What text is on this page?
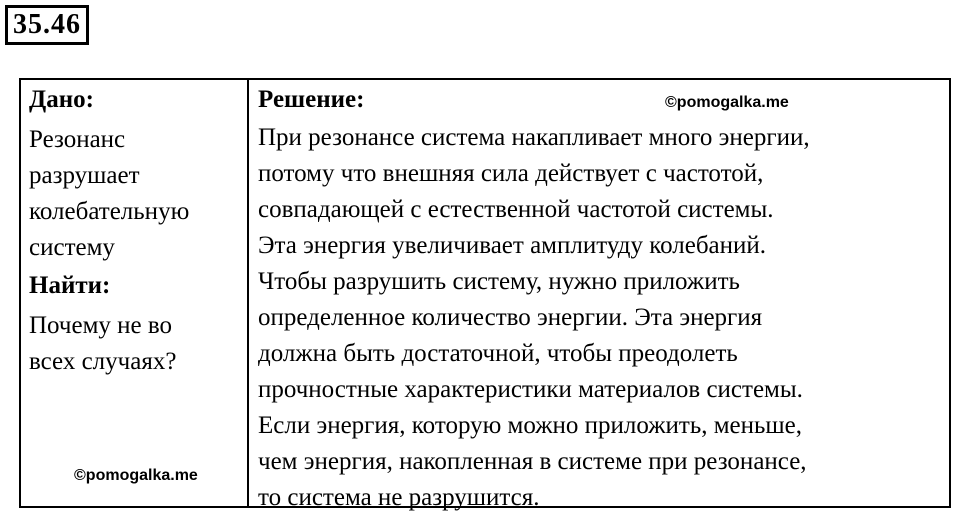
35.46
Дано:
Резонанс
разрушает
колебательную
систему
Найти:
Почему не во
всех случаях?
Решение:
При резонансе система накапливает много энергии,
потому что внешняя сила действует с частотой,
совпадающей с естественной частотой системы.
Эта энергия увеличивает амплитуду колебаний.
Чтобы разрушить систему, нужно приложить
определенное количество энергии. Эта энергия
должна быть достаточной, чтобы преодолеть
прочностные характеристики материалов системы.
Если энергия, которую можно приложить, меньше,
чем энергия, накопленная в системе при резонансе,
то система не разрушится.
©pomogalka.me
©pomogalka.me
